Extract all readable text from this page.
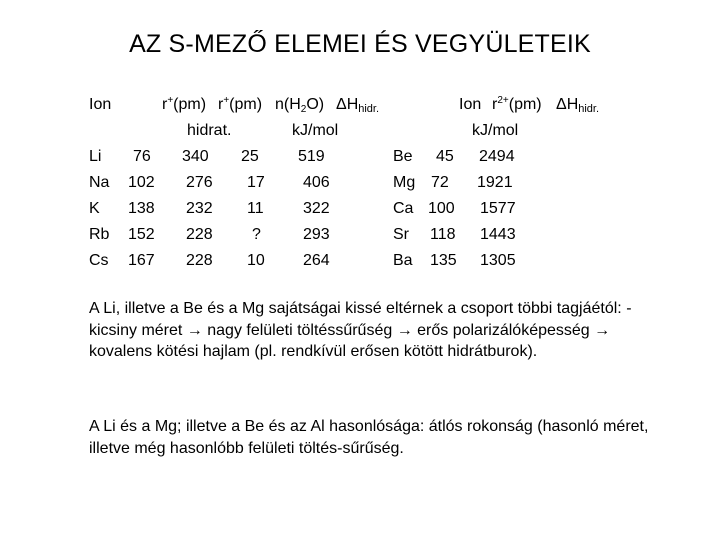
AZ S-MEZŐ ELEMEI ÉS VEGYÜLETEIK
Ion	r+(pm) r+(pm) $n(H_2O)$ $\Delta H_{hidr.}$
hidrat.	kJ/mol
Li 76 340 25 519
Na 102 276 17 406
K 138 232 11 322
Rb 152 228 ?	293
Cs 167 228 10 264
Ion $r^{2+}(pm)$ $\Delta H_{hidr.}$
kJ/mol
Be 45 2494
Mg 72 1921
Ca 100 1577
Sr 118 1443
Ba 135 1305

A Li, illetve a Be és a Mg sajátságai kissé eltérnek a csoport többi tagjáétól: -kicsiny méret → nagy felületi töltéssűrűség → erős polarizálóképesség → kovalens kötési hajlam (pl. rendkívül erősen kötött hidrátburok).

A Li és a Mg; illetve a Be és az Al hasonlósága: átlós rokonság (hasonló méret, illetve még hasonlóbb felületi töltés-sűrűség.
